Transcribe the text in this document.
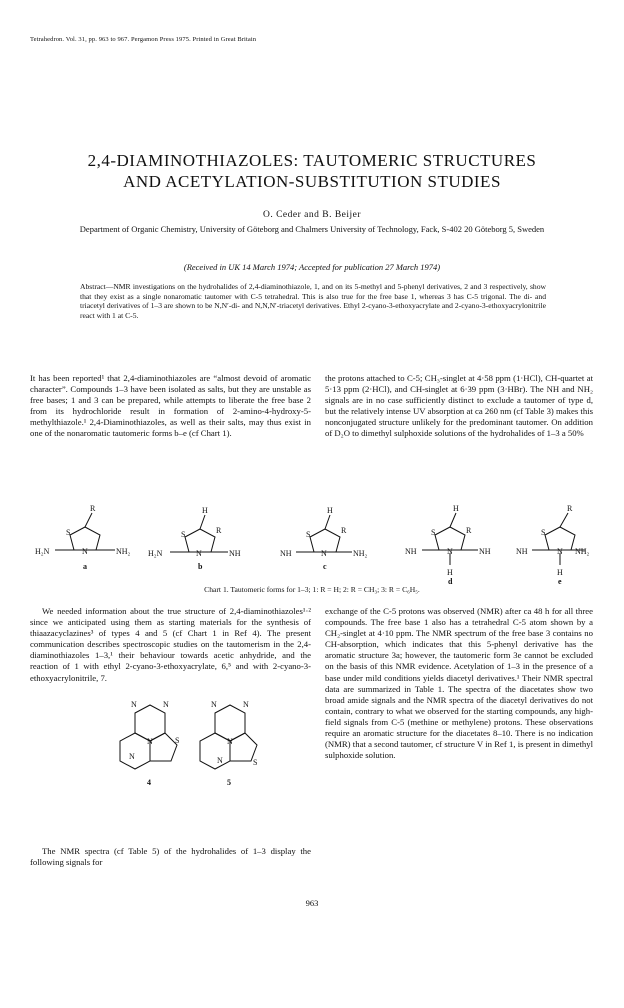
Tetrahedron. Vol. 31, pp. 963 to 967. Pergamon Press 1975. Printed in Great Britain
2,4-DIAMINOTHIAZOLES: TAUTOMERIC STRUCTURES
AND ACETYLATION-SUBSTITUTION STUDIES
O. Ceder and B. Beijer
Department of Organic Chemistry, University of Göteborg and Chalmers University of Technology, Fack, S-402 20 Göteborg 5, Sweden
(Received in UK 14 March 1974; Accepted for publication 27 March 1974)
Abstract—NMR investigations on the hydrohalides of 2,4-diaminothiazole, 1, and on its 5-methyl and 5-phenyl derivatives, 2 and 3 respectively, show that they exist as a single nonaromatic tautomer with C-5 tetrahedral. This is also true for the free base 1, whereas 3 has C-5 trigonal. The di- and triacetyl derivatives of 1–3 are shown to be N,N′-di- and N,N,N′-triacetyl derivatives. Ethyl 2-cyano-3-ethoxyacrylate and 2-cyano-3-ethoxyacrylonitrile react with 1 at C-5.
It has been reported¹ that 2,4-diaminothiazoles are “almost devoid of aromatic character”. Compounds 1–3 have been isolated as salts, but they are unstable as free bases; 1 and 3 can be prepared, while attempts to liberate the free base 2 from its hydrochloride result in formation of 2-amino-4-hydroxy-5-methylthiazole.¹ 2,4-Diaminothiazoles, as well as their salts, may thus exist in one of the nonaromatic tautomeric forms b–e (cf Chart 1).
the protons attached to C-5; CH₃-singlet at 4·58 ppm (1·HCl), CH-quartet at 5·13 ppm (2·HCl), and CH-singlet at 6·39 ppm (3·HBr). The NH and NH₂ signals are in no case sufficiently distinct to exclude a tautomer of type d, but the relatively intense UV absorption at ca 260 nm (cf Table 3) makes this nonconjugated structure unlikely for the predominant tautomer. On addition of D₂O to dimethyl sulphoxide solutions of the hydrohalides of 1–3 a 50%
R
S
N
H₂N	NH₂
a
H
R
S
N
H₂N	NH
b
H
R
S
N
NH	NH₂
c
H
R
S
N
NH	NH
H
d
R
S
N
NH	NH₂
H
e
Chart 1. Tautomeric forms for 1–3; 1: R = H; 2: R = CH₃; 3: R = C₆H₅.
We needed information about the true structure of 2,4-diaminothiazoles¹·² since we anticipated using them as starting materials for the synthesis of thiaazacyclazines³ of types 4 and 5 (cf Chart 1 in Ref 4). The present communication describes spectroscopic studies on the tautomerism in the 2,4-diaminothiazoles 1–3,¹ their behaviour towards acetic anhydride, and the reaction of 1 with ethyl 2-cyano-3-ethoxyacrylate, 6,⁵ and with 2-cyano-3-ethoxyacrylonitrile, 7.
N	N
N	S
N
4
N	N
N
S
N
5
The NMR spectra (cf Table 5) of the hydrohalides of 1–3 display the following signals for
exchange of the C-5 protons was observed (NMR) after ca 48 h for all three compounds. The free base 1 also has a tetrahedral C-5 atom shown by a CH₂-singlet at 4·10 ppm. The NMR spectrum of the free base 3 contains no CH-absorption, which indicates that this 5-phenyl derivative has the aromatic structure 3a; however, the tautomeric form 3e cannot be excluded on the basis of this NMR evidence. Acetylation of 1–3 in the presence of a base under mild conditions yields diacetyl derivatives.¹ Their NMR spectral data are summarized in Table 1. The spectra of the diacetates show two broad amide signals and the NMR spectra of the diacetyl derivatives do not contain, contrary to what we observed for the starting compounds, any high-field signals from C-5 (methine or methylene) protons. These observations require an aromatic structure for the diacetates 8–10. There is no indication (NMR) that a second tautomer, cf structure V in Ref 1, is present in dimethyl sulphoxide solution.
963
